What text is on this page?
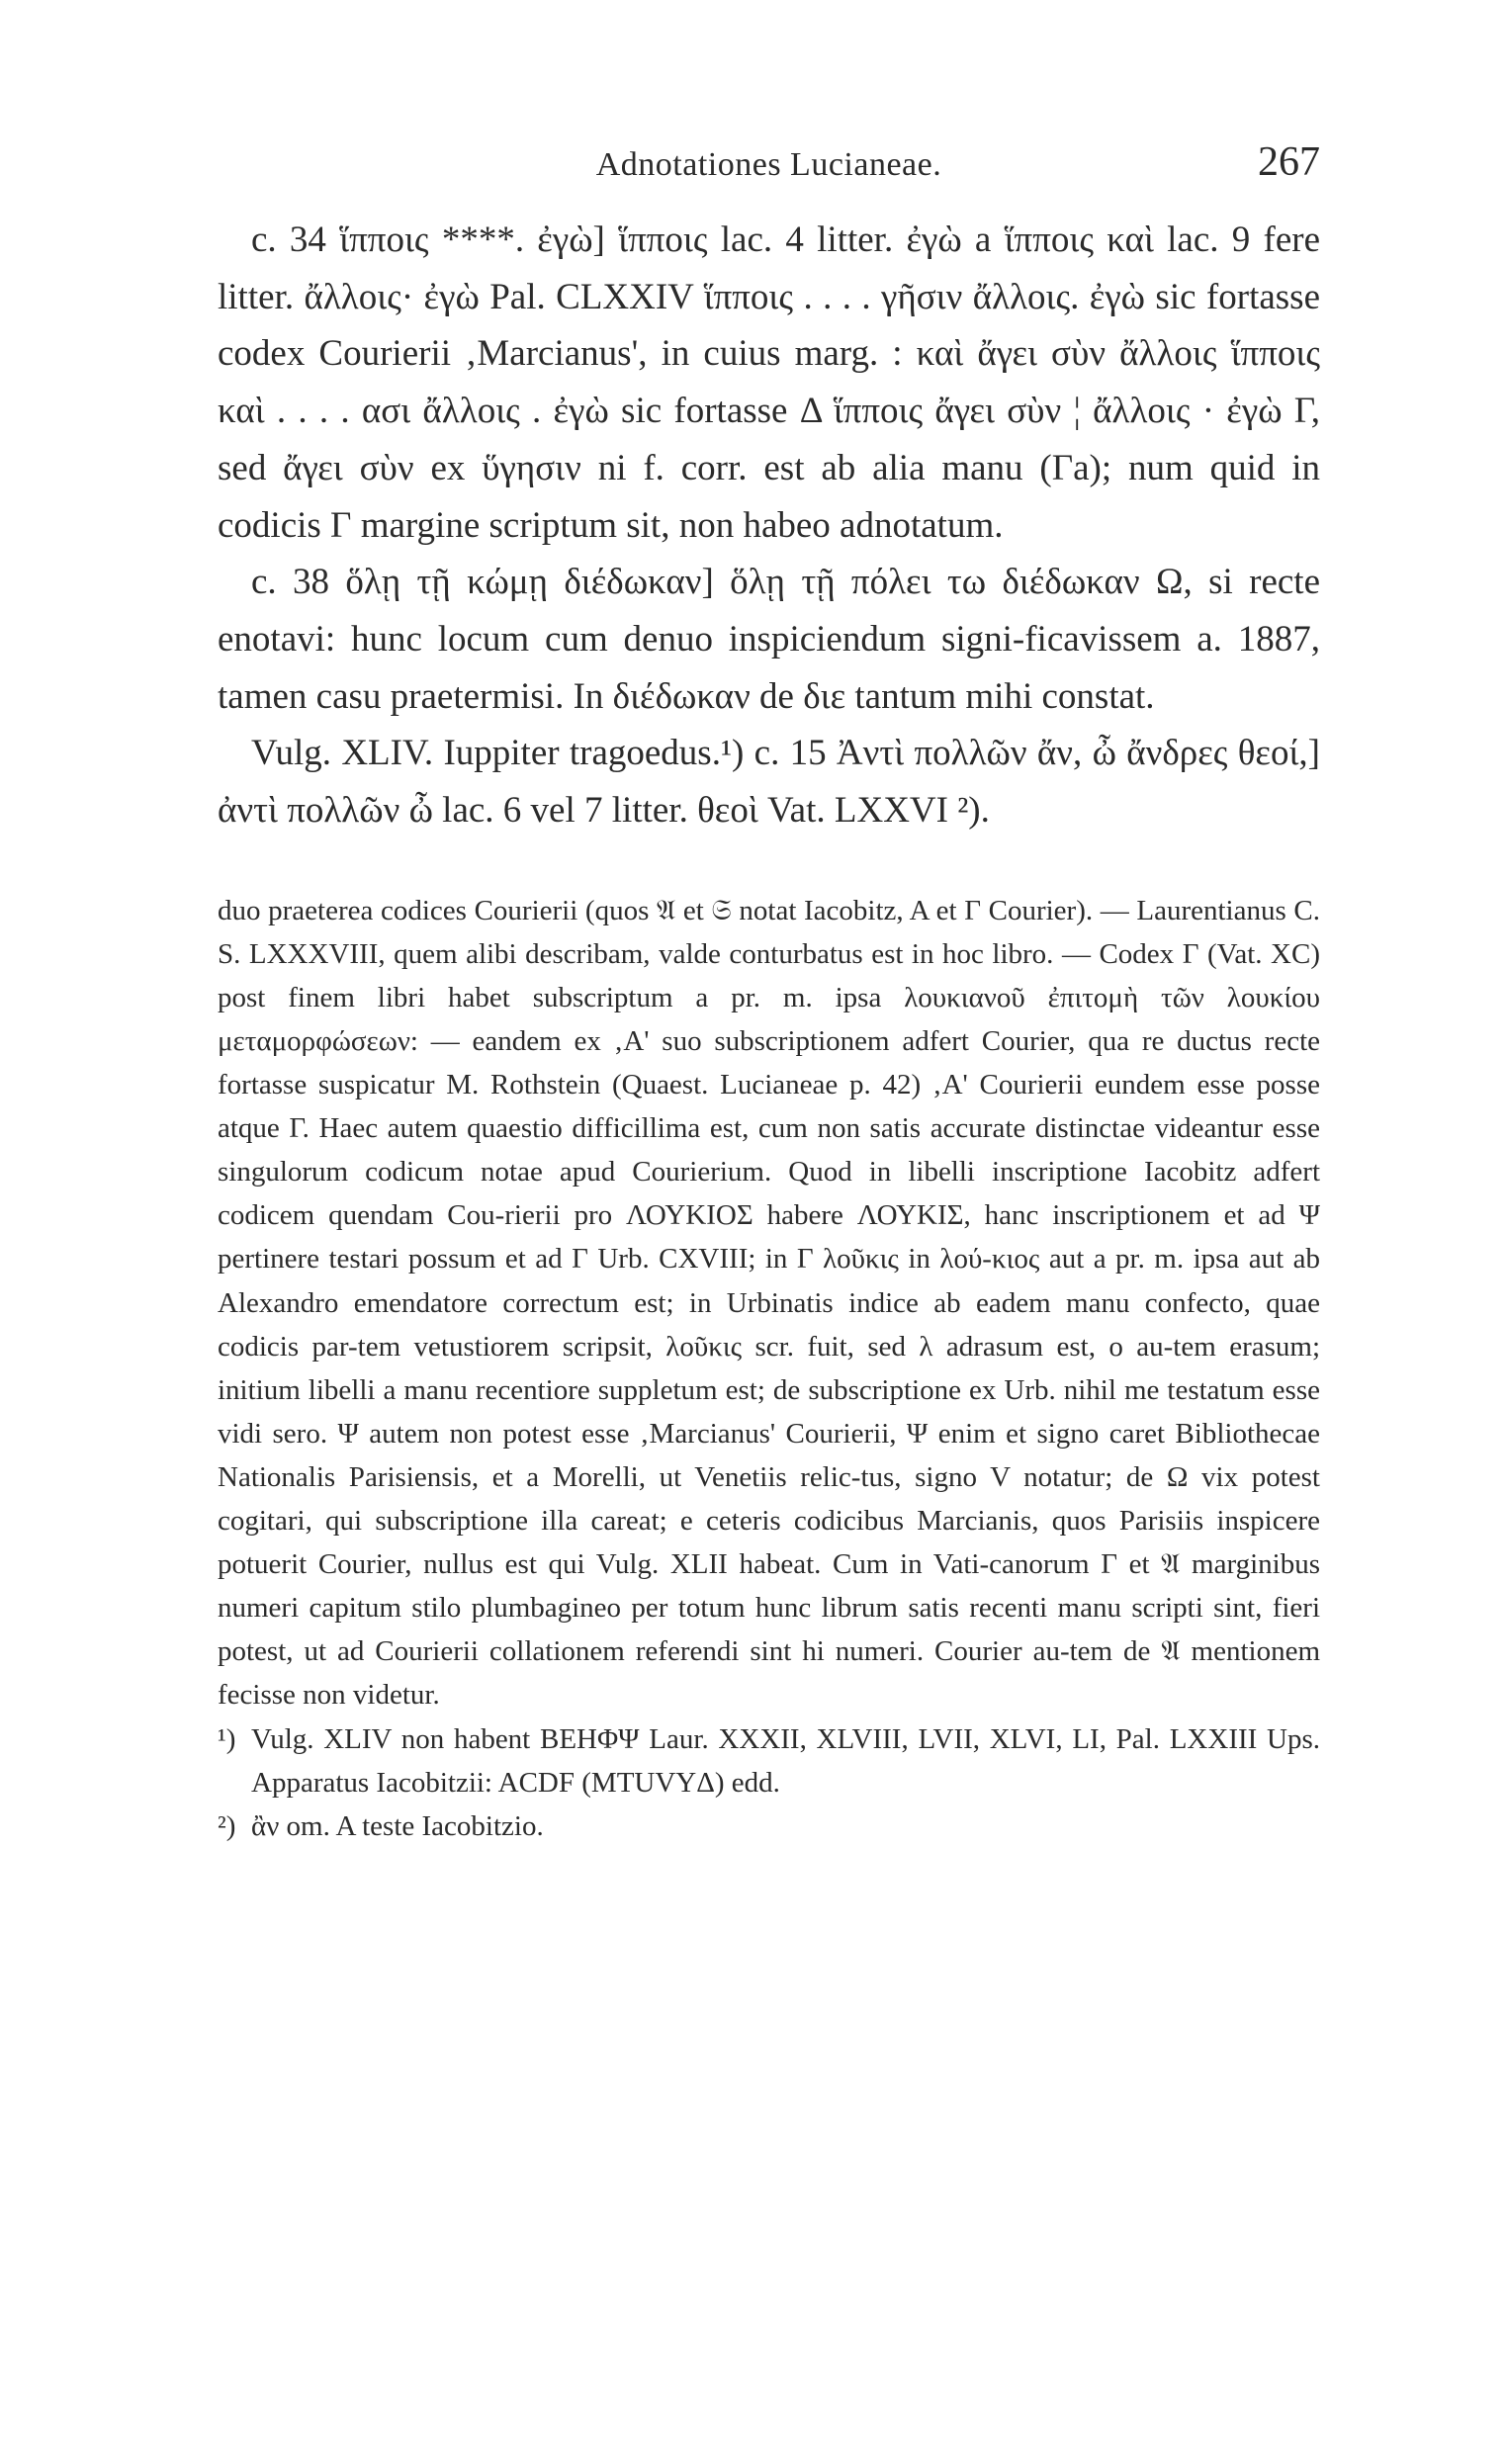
Adnotationes Lucianeae.	267

c. 34 ἵπποις ****. ἐγὼ] ἵπποις lac. 4 litter. ἐγὼ a ἵπποις καὶ lac. 9 fere litter. ἄλλοις· ἐγὼ Pal. CLXXIV ἵπποις . . . . γῆσιν ἄλλοις. ἐγὼ sic fortasse codex Courierii ‚Marcianus', in cuius marg. : καὶ ἄγει σὺν ἄλλοις ἵπποις καὶ . . . . ασι ἄλλοις . ἐγὼ sic fortasse Δ ἵπποις ἄγει σὺν ¦ ἄλλοις · ἐγὼ Γ, sed ἄγει σὺν ex ὕγησιν ni f. corr. est ab alia manu (Γa); num quid in codicis Γ margine scriptum sit, non habeo adnotatum.

c. 38 ὅλῃ τῇ κώμῃ διέδωκαν] ὅλῃ τῇ πόλει τω διέδωκαν Ω, si recte enotavi: hunc locum cum denuo inspiciendum signi-ficavissem a. 1887, tamen casu praetermisi. In διέδωκαν de διε tantum mihi constat.

Vulg. XLIV. Iuppiter tragoedus.¹) c. 15 Ἀντὶ πολλῶν ἄν, ὦ ἄνδρες θεοί,] ἀντὶ πολλῶν ὦ lac. 6 vel 7 litter. θεοὶ Vat. LXXVI ²).

duo praeterea codices Courierii (quos 𝔄 et 𝔖 notat Iacobitz, A et Γ Courier). — Laurentianus C. S. LXXXVIII, quem alibi describam, valde conturbatus est in hoc libro. — Codex Γ (Vat. XC) post finem libri habet subscriptum a pr. m. ipsa λουκιανοῦ ἐπιτομὴ τῶν λουκίου μεταμορφώσεων: — eandem ex ‚A' suo subscriptionem adfert Courier, qua re ductus recte fortasse suspicatur M. Rothstein (Quaest. Lucianeae p. 42) ‚A' Courierii eundem esse posse atque Γ. Haec autem quaestio difficillima est, cum non satis accurate distinctae videantur esse singulorum codicum notae apud Courierium. Quod in libelli inscriptione Iacobitz adfert codicem quendam Cou-rierii pro ΛΟΥΚΙΟΣ habere ΛΟΥΚΙΣ, hanc inscriptionem et ad Ψ pertinere testari possum et ad Γ Urb. CXVIII; in Γ λοῦκις in λού-κιος aut a pr. m. ipsa aut ab Alexandro emendatore correctum est; in Urbinatis indice ab eadem manu confecto, quae codicis par-tem vetustiorem scripsit, λοῦκις scr. fuit, sed λ adrasum est, ο au-tem erasum; initium libelli a manu recentiore suppletum est; de subscriptione ex Urb. nihil me testatum esse vidi sero. Ψ autem non potest esse ‚Marcianus' Courierii, Ψ enim et signo caret Bibliothecae Nationalis Parisiensis, et a Morelli, ut Venetiis relic-tus, signo V notatur; de Ω vix potest cogitari, qui subscriptione illa careat; e ceteris codicibus Marcianis, quos Parisiis inspicere potuerit Courier, nullus est qui Vulg. XLII habeat. Cum in Vati-canorum Γ et 𝔄 marginibus numeri capitum stilo plumbagineo per totum hunc librum satis recenti manu scripti sint, fieri potest, ut ad Courierii collationem referendi sint hi numeri. Courier au-tem de 𝔄 mentionem fecisse non videtur.

¹) Vulg. XLIV non habent BEHΦΨ Laur. XXXII, XLVIII, LVII, XLVI, LI, Pal. LXXIII Ups. Apparatus Iacobitzii: ACDF (MTUVYΔ) edd.
²) ἂν om. A teste Iacobitzio.
